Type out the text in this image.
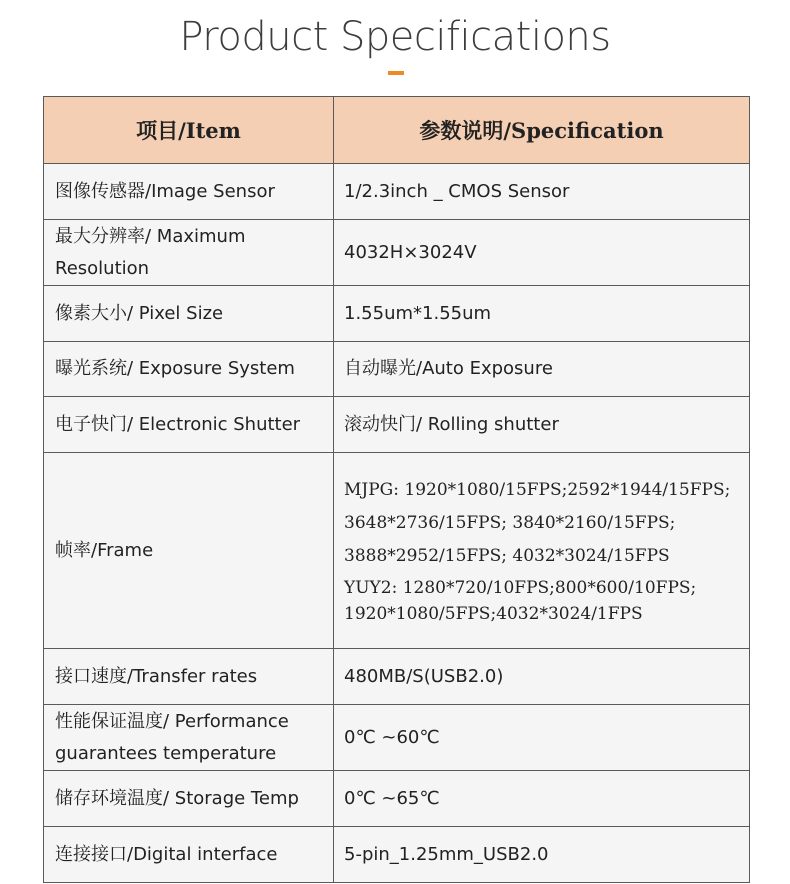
Product Specifications
项目/Item	参数说明/Specification
图像传感器/Image Sensor	1/2.3inch _ CMOS Sensor
最大分辨率/ Maximum Resolution	4032H×3024V
像素大小/ Pixel Size	1.55um*1.55um
曝光系统/ Exposure System	自动曝光/Auto Exposure
电子快门/ Electronic Shutter	滚动快门/ Rolling shutter
帧率/Frame	MJPG: 1920*1080/15FPS;2592*1944/15FPS;
3648*2736/15FPS; 3840*2160/15FPS;
3888*2952/15FPS; 4032*3024/15FPS
YUY2: 1280*720/10FPS;800*600/10FPS;
1920*1080/5FPS;4032*3024/1FPS

接口速度/Transfer rates	480MB/S(USB2.0)
性能保证温度/ Performance guarantees temperature	0℃ ~60℃
储存环境温度/ Storage Temp	0℃ ~65℃
连接接口/Digital interface	5-pin_1.25mm_USB2.0
